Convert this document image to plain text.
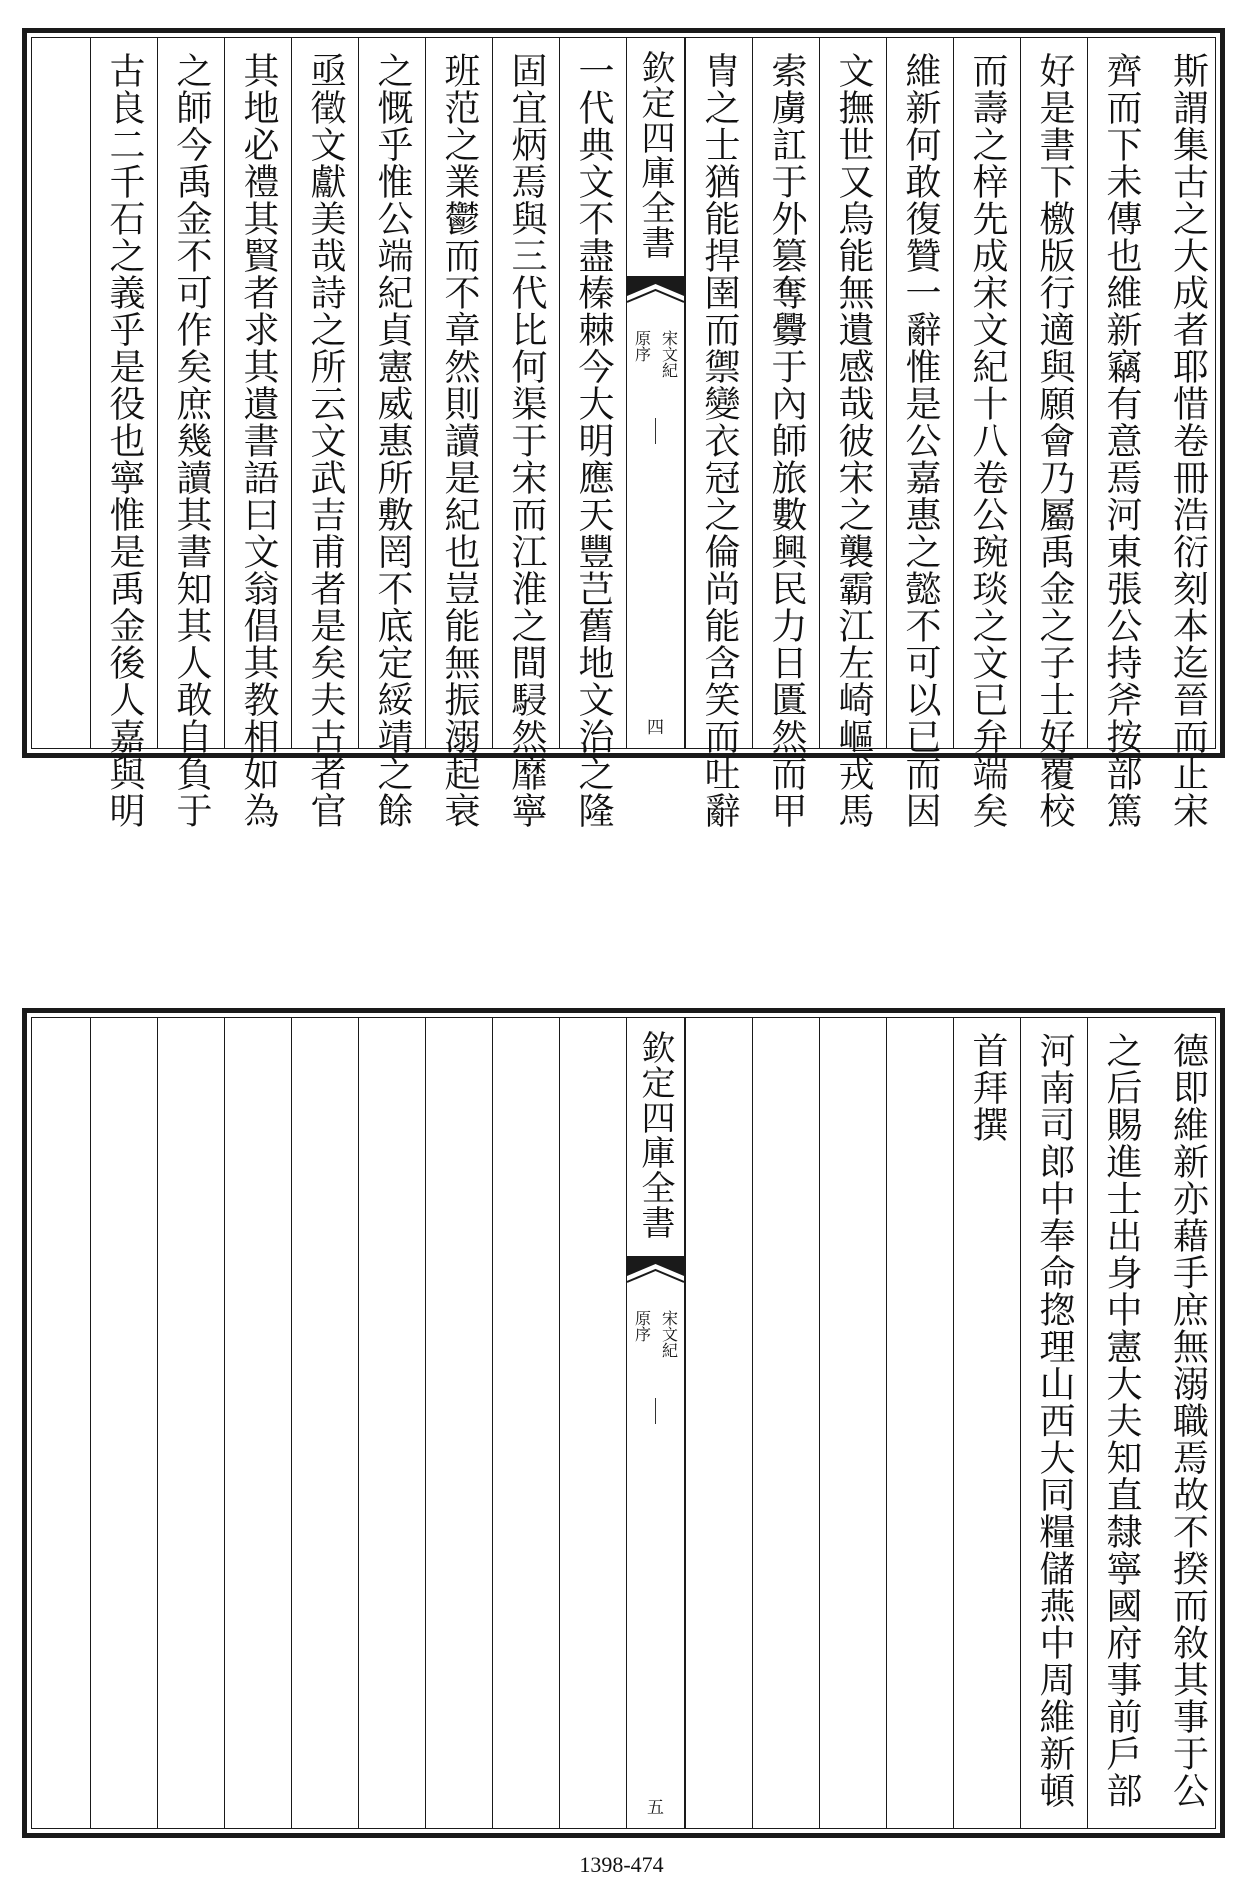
斯謂集古之大成者耶惜卷冊浩衍刻本迄晉而止宋
齊而下未傳也維新竊有意焉河東張公持斧按部篤
好是書下檄版行適與願會乃屬禹金之子士好覆校
而壽之梓先成宋文紀十八卷公琬琰之文已弁端矣
維新何敢復贊一辭惟是公嘉惠之懿不可以已而因
文撫世又烏能無遺感哉彼宋之襲霸江左崎嶇戎馬
索虜訌于外篡奪釁于內師旅數興民力日匱然而甲
冑之士猶能捍圉而禦變衣冠之倫尚能含笑而吐辭
欽定四庫全書
宋文紀
原序
四
一代典文不盡榛棘今大明應天豐芑舊地文治之隆
固宜炳焉與三代比何渠于宋而江淮之間駸然靡寧
班范之業鬱而不章然則讀是紀也豈能無振溺起衰
之慨乎惟公端紀貞憲威惠所敷罔不底定綏靖之餘
亟徵文獻美哉詩之所云文武吉甫者是矣夫古者官
其地必禮其賢者求其遺書語曰文翁倡其教相如為
之師今禹金不可作矣庶幾讀其書知其人敢自負于
古良二千石之義乎是役也寧惟是禹金後人嘉與明
德即維新亦藉手庶無溺職焉故不揆而敘其事于公
之后賜進士出身中憲大夫知直隸寧國府事前戶部
河南司郎中奉命揔理山西大同糧儲燕中周維新頓
首拜撰
欽定四庫全書
宋文紀
原序
五
1398-474
